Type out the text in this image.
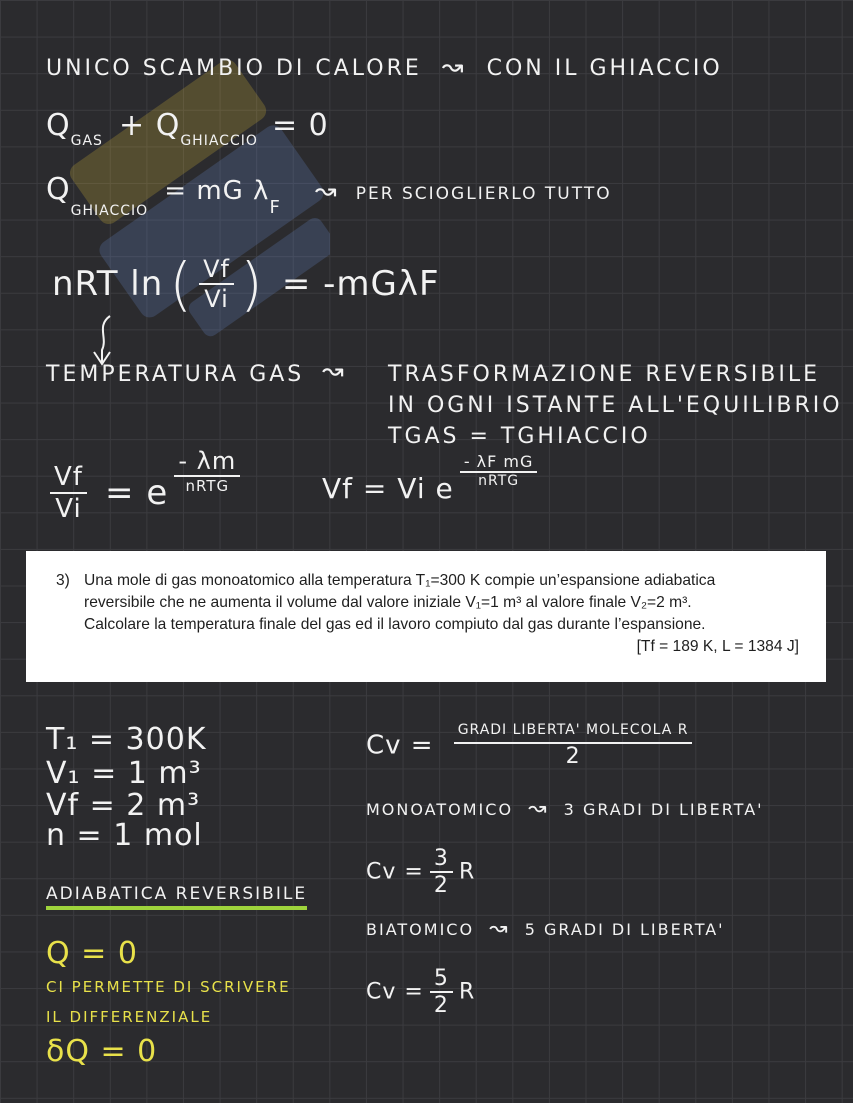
UNICO SCAMBIO DI CALORE ↝ CON IL GHIACCIO
QGAS + QGHIACCIO = 0
QGHIACCIO = mG λF ↝ PER SCIOGLIERLO TUTTO
nRT ln ( $\frac{Vf}{Vi}$ ) = -mGλF
TEMPERATURA GAS ↝ TRASFORMAZIONE REVERSIBILE
IN OGNI ISTANTE ALL'EQUILIBRIO
TGAS = TGHIACCIO
$\frac{Vf}{Vi} = e \frac{- \lambda m}{\text{nRTG}}$	Vf = Vi e $\frac{\text{- λF mG}}{\text{nRTG}}$
3) Una mole di gas monoatomico alla temperatura T₁=300 K compie un’espansione adiabatica
reversibile che ne aumenta il volume dal valore iniziale V₁=1 m³ al valore finale V₂=2 m³.
Calcolare la temperatura finale del gas ed il lavoro compiuto dal gas durante l’espansione.
[Tf = 189 K, L = 1384 J]
T₁ = 300K
V₁ = 1 m³
Vf = 2 m³
n = 1 mol
ADIABATICA REVERSIBILE
Q = 0
CI PERMETTE DI SCRIVERE
IL DIFFERENZIALE
δQ = 0
$Cv = \frac{\text{GRADI LIBERTA' MOLECOLA R}}{2}$
MONOATOMICO ↝ 3 GRADI DI LIBERTA'
$Cv = \frac{3}{2}$ R
BIATOMICO ↝ 5 GRADI DI LIBERTA'
$Cv = \frac{5}{2}$ R
